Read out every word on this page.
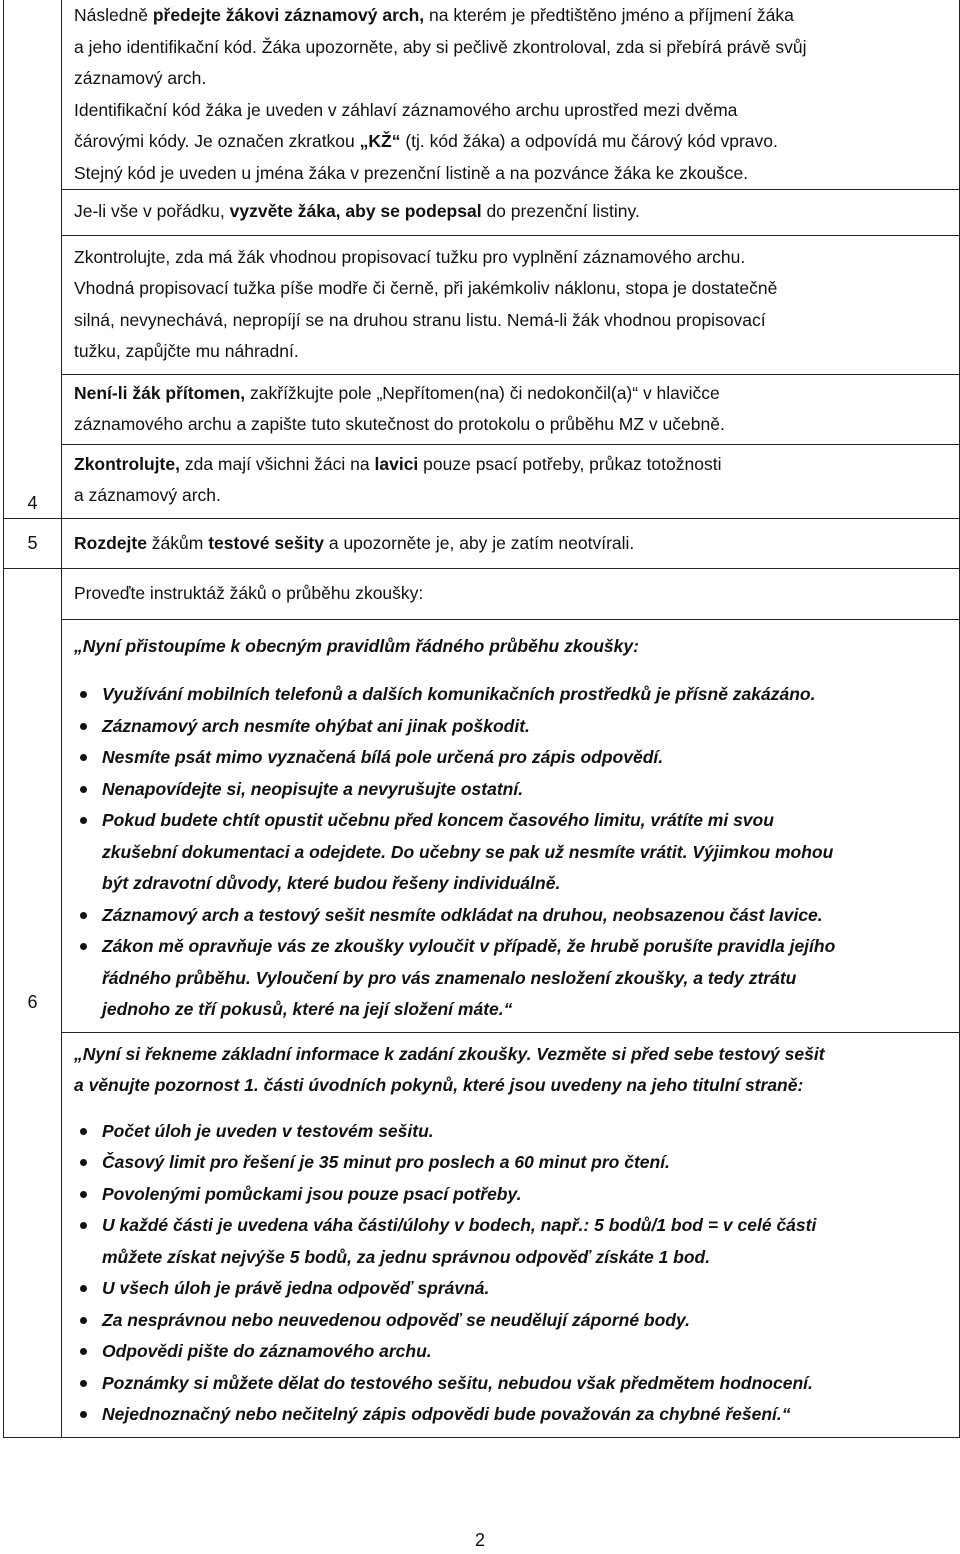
4
Následně předejte žákovi záznamový arch, na kterém je předtištěno jméno a příjmení žáka
a jeho identifikační kód. Žáka upozorněte, aby si pečlivě zkontroloval, zda si přebírá právě svůj
záznamový arch.
Identifikační kód žáka je uveden v záhlaví záznamového archu uprostřed mezi dvěma
čárovými kódy. Je označen zkratkou „KŽ“ (tj. kód žáka) a odpovídá mu čárový kód vpravo.
Stejný kód je uveden u jména žáka v prezenční listině a na pozvánce žáka ke zkoušce.
Je-li vše v pořádku, vyzvěte žáka, aby se podepsal do prezenční listiny.
Zkontrolujte, zda má žák vhodnou propisovací tužku pro vyplnění záznamového archu.
Vhodná propisovací tužka píše modře či černě, při jakémkoliv náklonu, stopa je dostatečně
silná, nevynechává, nepropíjí se na druhou stranu listu. Nemá-li žák vhodnou propisovací
tužku, zapůjčte mu náhradní.
Není-li žák přítomen, zakřížkujte pole „Nepřítomen(na) či nedokončil(a)“ v hlavičce
záznamového archu a zapište tuto skutečnost do protokolu o průběhu MZ v učebně.
Zkontrolujte, zda mají všichni žáci na lavici pouze psací potřeby, průkaz totožnosti
a záznamový arch.
5 Rozdejte žákům testové sešity a upozorněte je, aby je zatím neotvírali.
6
Proveďte instruktáž žáků o průběhu zkoušky:
„Nyní přistoupíme k obecným pravidlům řádného průběhu zkoušky:
Využívání mobilních telefonů a dalších komunikačních prostředků je přísně zakázáno.
Záznamový arch nesmíte ohýbat ani jinak poškodit.
Nesmíte psát mimo vyznačená bílá pole určená pro zápis odpovědí.
Nenapovídejte si, neopisujte a nevyrušujte ostatní.
Pokud budete chtít opustit učebnu před koncem časového limitu, vrátíte mi svou
zkušební dokumentaci a odejdete. Do učebny se pak už nesmíte vrátit. Výjimkou mohou
být zdravotní důvody, které budou řešeny individuálně.
Záznamový arch a testový sešit nesmíte odkládat na druhou, neobsazenou část lavice.
Zákon mě opravňuje vás ze zkoušky vyloučit v případě, že hrubě porušíte pravidla jejího
řádného průběhu. Vyloučení by pro vás znamenalo nesložení zkoušky, a tedy ztrátu
jednoho ze tří pokusů, které na její složení máte.“
„Nyní si řekneme základní informace k zadání zkoušky. Vezměte si před sebe testový sešit
a věnujte pozornost 1. části úvodních pokynů, které jsou uvedeny na jeho titulní straně:
Počet úloh je uveden v testovém sešitu.
Časový limit pro řešení je 35 minut pro poslech a 60 minut pro čtení.
Povolenými pomůckami jsou pouze psací potřeby.
U každé části je uvedena váha části/úlohy v bodech, např.: 5 bodů/1 bod = v celé části
můžete získat nejvýše 5 bodů, za jednu správnou odpověď získáte 1 bod.
U všech úloh je právě jedna odpověď správná.
Za nesprávnou nebo neuvedenou odpověď se neudělují záporné body.
Odpovědi pište do záznamového archu.
Poznámky si můžete dělat do testového sešitu, nebudou však předmětem hodnocení.
Nejednoznačný nebo nečitelný zápis odpovědi bude považován za chybné řešení.“
2
